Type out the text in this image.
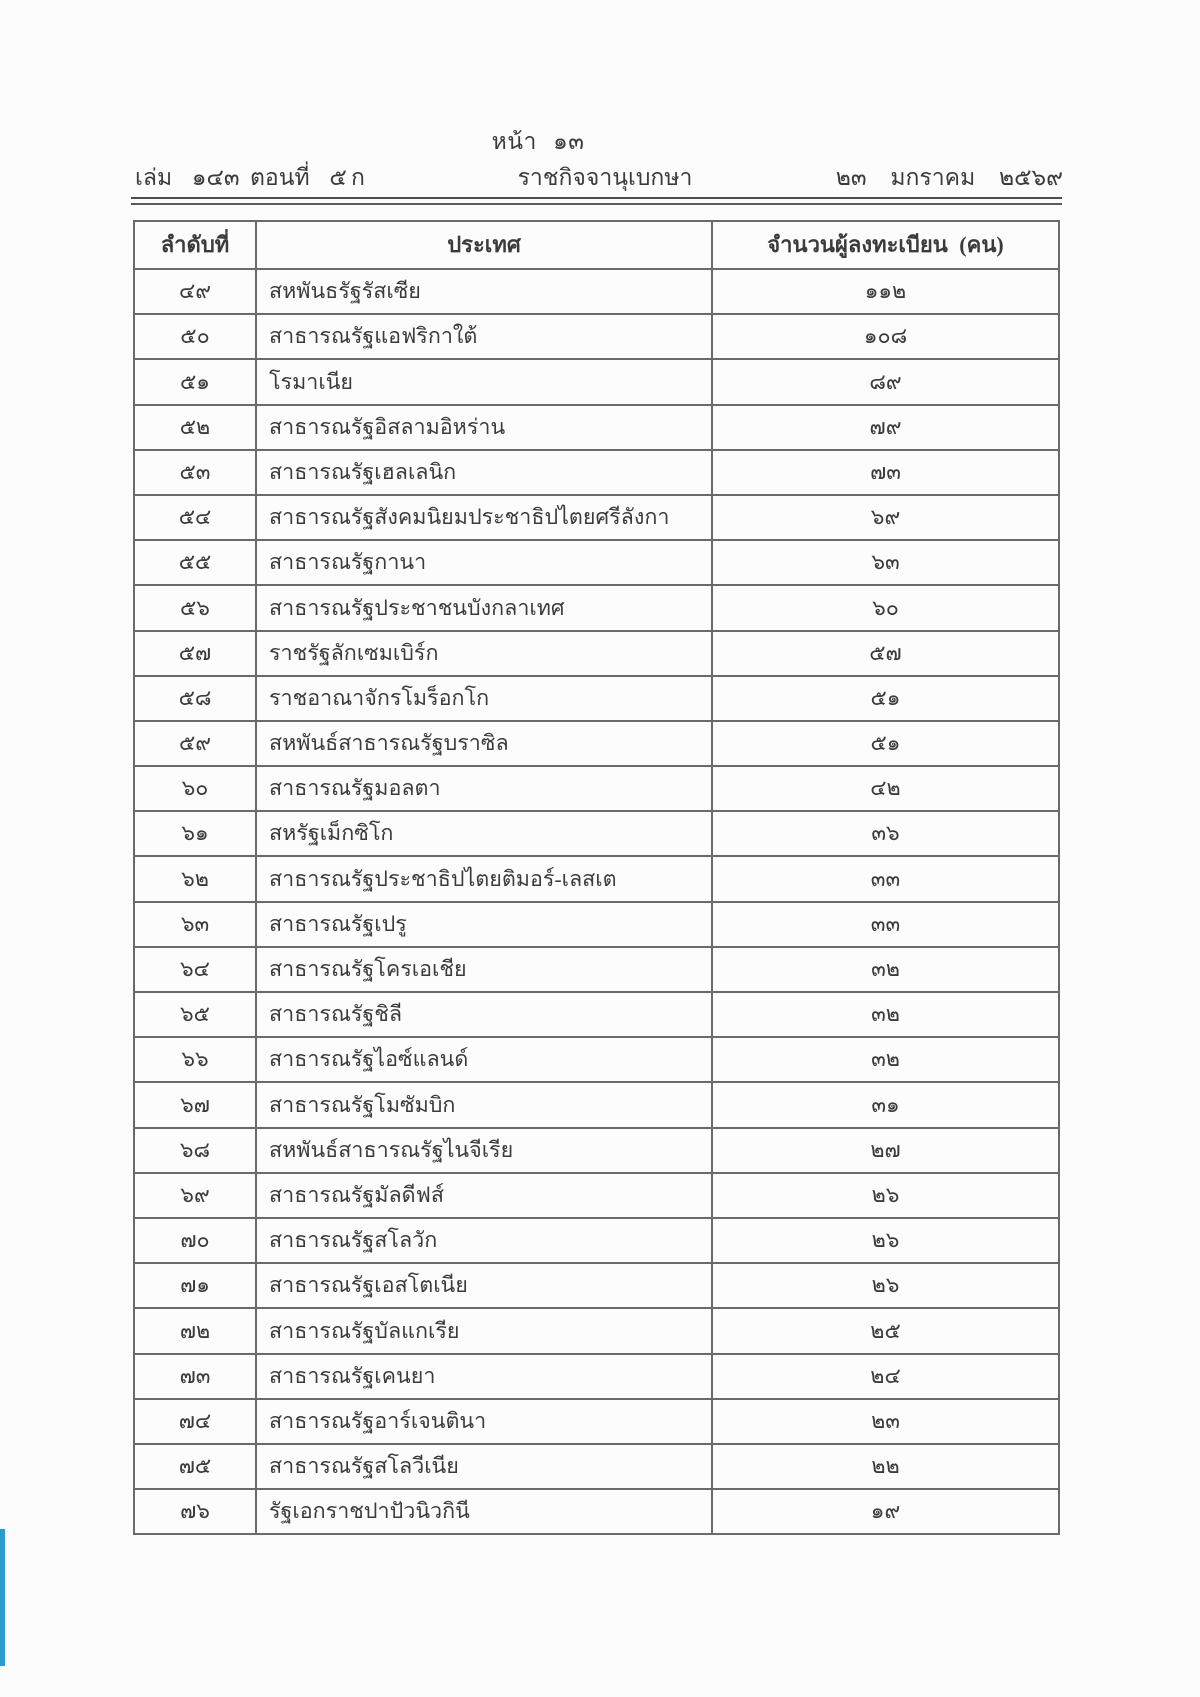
หน้า ๑๓
เล่ม ๑๔๓ ตอนที่ ๕ ก	ราชกิจจานุเบกษา	๒๓ มกราคม ๒๕๖๙
ลำดับที่	ประเทศ	จำนวนผู้ลงทะเบียน (คน)
๔๙	สหพันธรัฐรัสเซีย	๑๑๒
๕๐	สาธารณรัฐแอฟริกาใต้	๑๐๘
๕๑	โรมาเนีย	๘๙
๕๒	สาธารณรัฐอิสลามอิหร่าน	๗๙
๕๓	สาธารณรัฐเฮลเลนิก	๗๓
๕๔	สาธารณรัฐสังคมนิยมประชาธิปไตยศรีลังกา	๖๙
๕๕	สาธารณรัฐกานา	๖๓
๕๖	สาธารณรัฐประชาชนบังกลาเทศ	๖๐
๕๗	ราชรัฐลักเซมเบิร์ก	๕๗
๕๘	ราชอาณาจักรโมร็อกโก	๕๑
๕๙	สหพันธ์สาธารณรัฐบราซิล	๕๑
๖๐	สาธารณรัฐมอลตา	๔๒
๖๑	สหรัฐเม็กซิโก	๓๖
๖๒	สาธารณรัฐประชาธิปไตยติมอร์-เลสเต	๓๓
๖๓	สาธารณรัฐเปรู	๓๓
๖๔	สาธารณรัฐโครเอเชีย	๓๒
๖๕	สาธารณรัฐชิลี	๓๒
๖๖	สาธารณรัฐไอซ์แลนด์	๓๒
๖๗	สาธารณรัฐโมซัมบิก	๓๑
๖๘	สหพันธ์สาธารณรัฐไนจีเรีย	๒๗
๖๙	สาธารณรัฐมัลดีฟส์	๒๖
๗๐	สาธารณรัฐสโลวัก	๒๖
๗๑	สาธารณรัฐเอสโตเนีย	๒๖
๗๒	สาธารณรัฐบัลแกเรีย	๒๕
๗๓	สาธารณรัฐเคนยา	๒๔
๗๔	สาธารณรัฐอาร์เจนตินา	๒๓
๗๕	สาธารณรัฐสโลวีเนีย	๒๒
๗๖	รัฐเอกราชปาปัวนิวกินี	๑๙
